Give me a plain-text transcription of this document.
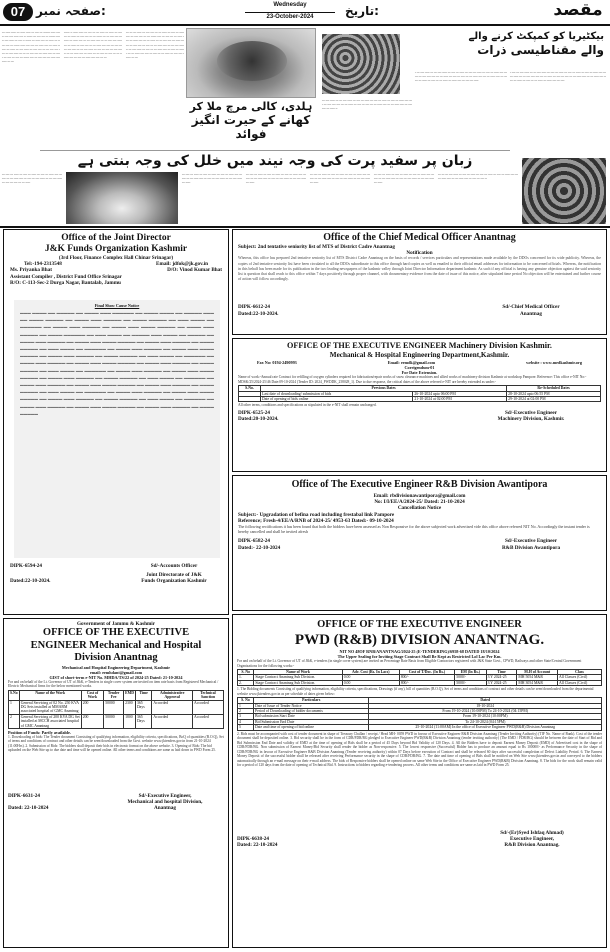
07 صفحہ نمبر:	Wednesday
23-October-2024	تاریخ:	مقصد
ــــ ـــــ ـــــــ ـــ ــــ ـــ ـــــ ـــــ ـــ ـــــ ـــــ ـــ ــــ ـــــــ ــ ــــ ــــ ـــ ــــــ ــ ــــ ـــــ ــــ ــــ ــــ ـــ ـــــ ـــ ــــ ـــــ ـــ ــــــ ــ ــــ ـــ ـــــ ــــ ــــ ـــــ ـــ ــــ ـــــ ـــ ــــ ــــ ـــــ ــــــ ـــ ــــ ــــ ــــ ــــ ـــ ـــ ــــ ــــ ـــ ـــــ ــــ ـــ ـــــ ـــ ــــ ــــ ـــ ــــ ـــــ ـــ ــــ ــــ ـــ ـــ ـــ ـــــ ــــ ـــ ـــــــ ـــــ ـــ ــــ ــــ ـــ ــــ ــــــ ـــ ــــ ـــ ــــ ـــ ــــ ـــ ـــــ
ــــ ـــ ـــــ ـــ ـــــ ـــ ـــ ــــ ـــ ـــــ ـــــ ــ ــــــ ـــ ــــ ــــ ـــ ـــ ــــــ ـــ ـــ ــــ ــــ ـــ ـــــ ـــ ـــ ـــــ ــــ ــــ ـــ ـــ ــــ ـــــ ـــ ـــ ــــ ـــــ ـــ ـــــ ـــ ــــ ـــ ــــ ــــ ـــــ ـــ ـــ ــــ ــــ ـــ ـــــ ـــ ـــ ــــ ــــ ـــ ــــ ـــ ــــ ـــ ـــــ ــــ ـــ ـــ ــــ ــــ ـــــ ـــ ـــ ــــ ـــ ــــ ـــ ـــ ـــــ ـــ ــــ ـــــ ـــ ـــ ـــــ ـــ ــــ ــــ ـــــ ـــ ــــ ـــ ــــ ـــــ
ـــــ ـــ ــــ ـــ ـــــ ـــ ـــ ــــ ــــ ـــ ـــــ ـــ ـــ ــــ ـــــ ـــ ـــ ــــ ـــ ــــ ــــــ ـــ ـــ ــــ ــــ ـــ ــــ ـــ ـــــ ـــ ــــ ــــ ـــ ـــ ـــــ ـــ ـــ ــــ ـــــ ـــ ـــ ـــــ ــــ ـــ ـــ ــــ ـــــ ـــ ـــ ــــ ـــ ــــ ــــ ـــ ـــ ـــــ ـــ ــــ ـــ ــــ ـــــ ـــ ـــ ــــ ـــ ـــــ ــــ ـــ ـــ ــــ ــــ ـــ ـــــ ـــ ـــ ــــ ـــ ــــ ــــ ـــــ ـــ ـــ ــــ ـــ ـــــ
ہلدی، کالی مرچ ملا کر
کھانے کے حیرت انگیز فوائد
بیکٹیریا کو کمپکٹ کرنے والے
والے مقناطیسی ذرات
ـــ ــــ ـــــ ـــ ــــ ـــ ـــــ ـــ ــــ ـــ ـــــ ـــ ــــ ـــ ـــــ ــــ ـــ ـــ ـــــ ــــ ـــ ــــ ـــ ــــ ـــــ ـــ ـــ ــــ ـــــ ـــ ـــ ــــ ـــ ــــ ـــ ـــــ ـــ ـــ ــــ ــــ ــــ ـــ ـــ ـــــ ـــ ــــ
ـــ ــــ ـــــ ـــ ــــ ـــ ـــــ ـــ ــــ ـــ ـــــ ـــ ــــ ـــ ـــــ ــــ ـــ ـــ ـــــ ــــ ـــ ــــ ـــ ــــ ـــــ ـــ ـــ ــــ ـــــ ـــ ـــ ــــ ـــ ــــ ـــ ـــــ ـــ ـــ ــــ ــــ ــــ ـــ ـــ ـــــ ـــ ــــ ـــ ــــ ـــــ ـــ ـــــ ـــ ـــ ــــ ـــ ـــــ ـــ ـــ
ـــ ــــ ـــــ ـــ ــــ ـــ ـــــ ـــ ــــ ـــ ـــــ ـــ ــــ ـــ ـــــ ــــ ـــ ـــ ـــــ ــــ ـــ ــــ ـــ ــــ ـــــ ـــ ـــ ــــ ـــــ ـــ ـــ ــــ ـــ ــــ ـــ ـــــ ـــ ـــ ــــ ــــ ــــ ـــ ـــ ـــــ ـــ ــــ ـــ ــــ ـــــ ـــ ـــــ ـــ ـــ ــــ ـــ ـــــ ـــ ـــ
زبان پر سفید پرت کی وجہ نیند میں خلل کی وجہ بنتی ہے
ـــ ــــ ـــــ ـــ ــــ ـــ ـــــ ـــ ــــ ـــ ـــــ ـــ ــــ ـــ ـــــ ــــ ـــ ـــ ـــــ ــــ ـــ ــــ ـــ ــــ ـــــ ـــ ـــ ــــ ـــــ ـــ ـــ ــــ ـــ ــــ ـــ
ـــ ــــ ـــــ ـــ ــــ ـــ ـــــ ـــ ــــ ـــ ـــــ ـــ ــــ ـــ ـــــ ــــ ـــ ـــ ـــــ ــــ ـــ ــــ ـــ ــــ ـــــ ـــ ـــ ــــ ـــــ ـــ
ـــ ــــ ـــــ ـــ ــــ ـــ ـــــ ـــ ــــ ـــ ـــــ ـــ ــــ ـــ ـــــ ــــ ـــ ـــ ـــــ ــــ ـــ ــــ ـــ ــــ ـــــ ـــ ـــ ــــ ـــــ ـــ
ـــ ــــ ـــــ ـــ ــــ ـــ ـــــ ـــ ــــ ـــ ـــــ ـــ ــــ ـــ ـــــ ــــ ـــ ـــ ـــــ ــــ ـــ ــــ ـــ ــــ ـــــ ـــ ـــ ــــ ـــــ ـــ
ـــ ــــ ـــــ ـــ ــــ ـــ ـــــ ـــ ــــ ـــ ـــــ ـــ ــــ ـــ ـــــ ــــ ـــ ـــ ـــــ ــــ ـــ ــــ ـــ ــــ ـــــ ـــ ـــ ــــ ـــــ ـــ
ـــ ــــ ـــــ ـــ ــــ ـــ ـــــ ـــ ــــ ـــ ـــــ ـــ ــــ ـــ ـــــ ــــ ـــ ـــ ـــــ ــــ ـــ ــــ ـــ ــــ ـــــ ـــ ـــ ــــ ـــــ ـــ
Office of the Joint Director
J&K Funds Organization Kashmir
(3rd Floor, Finance Complex Hall Chinar Srinagar)
Tel:-194-2313548	Email: jdfok@jk.gov.in
Ms. Priyanka Bhat	D/O: Vinod Kumar Bhat
Assistant Compiler , District Fund Office Srinagar
R/O: C-113-Sec-2 Durga Nagar, Bantalab, Jammu
Final Show Cause Notice
▬▬▬ ▬▬▬▬ ▬▬ ▬▬▬▬▬ ▬▬ ▬▬▬▬ ▬▬▬ ▬▬▬▬▬▬ ▬▬ ▬▬▬▬ ▬▬▬▬ ▬▬ ▬▬▬▬▬ ▬▬▬ ▬▬ ▬▬▬▬ ▬▬▬▬▬ ▬▬ ▬▬▬▬ ▬▬▬ ▬▬▬▬▬ ▬▬ ▬▬▬▬ ▬▬▬▬▬ ▬▬ ▬▬▬ ▬▬▬▬ ▬▬ ▬▬▬▬▬▬ ▬▬ ▬▬▬▬ ▬▬▬ ▬▬▬▬▬ ▬▬ ▬▬▬▬ ▬▬▬ ▬▬▬▬ ▬▬▬▬▬ ▬▬ ▬▬▬▬ ▬▬▬ ▬▬▬▬▬ ▬▬ ▬▬▬▬ ▬▬▬▬▬▬ ▬▬ ▬▬▬ ▬▬▬▬ ▬▬ ▬▬▬▬▬ ▬▬▬ ▬▬▬▬ ▬▬ ▬▬▬▬▬ ▬▬ ▬▬▬▬ ▬▬▬ ▬▬▬▬▬ ▬▬ ▬▬▬▬ ▬▬▬ ▬▬▬▬ ▬▬▬▬▬ ▬▬ ▬▬▬▬ ▬▬▬ ▬▬▬▬▬ ▬▬ ▬▬▬▬ ▬▬▬▬▬ ▬▬ ▬▬▬ ▬▬▬▬ ▬▬ ▬▬▬▬▬▬ ▬▬ ▬▬▬▬ ▬▬▬ ▬▬▬▬▬ ▬▬ ▬▬▬▬ ▬▬▬ ▬▬▬▬ ▬▬▬▬▬ ▬▬ ▬▬▬▬ ▬▬▬ ▬▬▬▬▬ ▬▬ ▬▬▬▬ ▬▬▬▬▬ ▬▬ ▬▬▬ ▬▬▬▬ ▬▬ ▬▬▬▬▬▬ ▬▬ ▬▬▬▬ ▬▬▬ ▬▬▬▬▬ ▬▬ ▬▬▬▬ ▬▬▬ ▬▬▬▬ ▬▬▬▬▬ ▬▬ ▬▬▬▬ ▬▬▬ ▬▬▬▬▬ ▬▬ ▬▬▬▬ ▬▬▬▬▬ ▬▬ ▬▬▬ ▬▬▬▬ ▬▬ ▬▬▬▬▬▬ ▬▬ ▬▬▬▬ ▬▬▬ ▬▬▬▬▬ ▬▬ ▬▬▬▬ ▬▬▬ ▬▬▬▬ ▬▬▬▬▬ ▬▬ ▬▬▬▬ ▬▬▬ ▬▬▬▬▬ ▬▬ ▬▬▬▬ ▬▬▬▬▬ ▬▬ ▬▬▬ ▬▬▬▬ ▬▬ ▬▬▬▬▬▬ ▬▬ ▬▬▬▬ ▬▬▬ ▬▬▬▬▬ ▬▬ ▬▬▬▬ ▬▬▬ ▬▬▬▬ ▬▬▬▬▬ ▬▬ ▬▬▬▬ ▬▬▬ ▬▬▬▬▬ ▬▬ ▬▬▬▬ ▬▬▬▬▬ ▬▬ ▬▬▬ ▬▬▬▬ ▬▬ ▬▬▬▬▬▬ ▬▬ ▬▬▬▬ ▬▬▬ ▬▬▬▬▬ ▬▬ ▬▬▬▬ ▬▬▬ ▬▬▬▬ ▬▬▬▬▬ ▬▬ ▬▬▬▬ ▬▬▬ ▬▬▬▬▬ ▬▬ ▬▬▬▬ ▬▬▬▬▬ ▬▬ ▬▬▬ ▬▬▬▬ ▬▬ ▬▬▬▬▬▬ ▬▬ ▬▬▬▬ ▬▬▬ ▬▬▬▬▬ ▬▬ ▬▬▬▬ ▬▬▬ ▬▬▬▬ ▬▬▬▬▬ ▬▬ ▬▬▬▬ ▬▬▬ ▬▬▬▬▬ ▬▬ ▬▬▬▬ ▬▬▬▬▬
DIPK-6594-24	Sd/-Accounts Officer
Joint Directorate of J&K
Dated:22-10-2024.	Funds Organization Kashmir
Office of the Chief Medical Officer Anantnag
Subject: 2nd tentative seniority list of MTS of District Cadre Anantnag
Notification
Whereas, this office has prepared 2nd tentative seniority list of MTS District Cadre Anantnag on the basis of records / services particulars and representations made available by the DDOs concerned for its wide publicity. Whereas, the copies of 2nd tentative seniority list have been circulated to all the DDOs subordinate to this office through hard copies as well as emailed to their official email addresses for information to be concerned officials. Whereas, the notification in this behalf has been made for its publication in the two leading newspapers of the kashmir valley through Joint Director Information department kashmir. As such if any official is having any genuine objection against the said seniority list is question that shall reach to this office within 7 days positively through proper channel, with documentary evidence from the date of issue of this notice, after stipulated time period No objection will be entertained and further course of action will follow accordingly.
DIPK-6612-24	Sd/-Chief Medical Officer
Dated:22-10-2024.	Anantnag
OFFICE OF THE EXECUTIVE ENGINEER Machinery Division Kashmir.
Mechanical & Hospital Engineering Department,Kashmir.
Fax No: 0194-2490993	Email: eemdk@gmail.com	website : www.medkashmir.org
Corrigendum-01
For Date Extension.
Name of work:-Annual rate Contract for refilling of oxygen cylinders required for fabrication/repair works of snow clearance machines and allied works of machinery division Kashmir at workshop Pampore. Reference: This office e-NIT No:- MDSK/25/2024-25/46 Date:09-10-2024 (Tender ID: 2024_PWDDK_258028_1). Due to due response, the critical dates of the above referred e-NIT are hereby extended as under:-
S.No.	Previous Dates		Re-Scheduled Dates
	Last date of downloading/ submission of bids	26-10-2024 upto 06:00 PM	28-10-2024 upto 06:55 PM
	Date of opening of bids online	21-10-2024 at 02:00 PM	29-10-2024 at 02:00 PM
All other terms, conditions and specifications as stipulated in the e-NIT shall remain unchanged.
DIPK-6525-24	Sd/-Executive Engineer
Dated:20-10-2024.	Machinery Division, Kashmir.
Office of The Executive Engineer R&B Division Awantipora
Email: rbdivisionawantipora@gmail.com
No: I/I/EE/A/2024-25/ Dated: 21-10-2024
Cancellation Notice
Subject:- Upgradation of befina road including frestabal link Pampore
Reference; Fresh-4/EE/A/RNB of 2024-25/ 4953-63 Dated:- 09-10-2024
The following rectifications it has been found that both the bidders have been assessed as Non Responsive for the above subjected work advertised vide this office above referred NIT No. Accordingly the instant tender is hereby cancelled and shall be invited afresh
DIPK-6582-24	Sd/-Executive Engineer
Dated:- 22-10-2024	R&B Division Awantipora
Government of Jammu & Kashmir
OFFICE OF THE EXECUTIVE
ENGINEER Mechanical and Hospital
Division Anantnag
Mechanical and Hospital Engineering Department, Kashmir
email: eemhdant@gmail.com
GIST of short-term e-NIT No. MHDA/TS/22 of 2024-25 Dated: 21-10-2024
For and on behalf of the Lt. Governor of UT of J&K, e-Tenders in single cover system are invited on item rate basis from Registered Mechanical / Electric Mechanical firms for the below mentioned works.
S.No	Name of the Work	Cost of Work	Tender Fee	EMD	Time	Administrative Approval	Technical Sanction
1	General Servicing of 02 No. 250 KVA DG Sets installed at MMABM associated hospital of GMC Anantnag	200	50000	2300	365 Days	Accorded	Accorded
2	General Servicing of 200 KVA DG Set installed at MCCH associated hospital of GMC Anantnag	200	50000	1800	365 Days	Accorded	Accorded
Position of Funds: Partly available.
1. Downloading of bids: The Tender document Consisting of qualifying information, eligibility criteria, specifications, BoQ of quantities (B.O.Q), Set of terms and conditions of contract and other details can be seen/downloaded from the Govt. website www.jktenders.gov.in from 21-10-2024 (11:00Hrs). 2. Submission of Bids: The bidders shall deposit their bids in electronic format on the above website. 3. Opening of Bids: The bid uploaded on the Web Site up to due date and time will be opened online. All other terms and conditions are same as laid down in PWD Form 25.
DIPK-6631-24	Sd/-Executive Engineer,
Mechanical and hospital Division,
Dated: 22-10-2024	Anantnag
OFFICE OF THE EXECUTIVE ENGINEER
PWD (R&B) DIVISION ANANTNAG.
NIT NO 48OF RNB/ANANTNAG/2024-25 (E-TENDERING)/6958-68 DATED 18/10/2024
The Upper Sealing for Inviting Stage Contract Shall Be Kept as Restricted Lol Lac Per Km.
For and on behalf of the Lt. Governor of UT of J&K, e-tenders (in single cover system) are invited on Percentage Rate Basis from Eligible Contractors registered with J&K State Govt., CPWD, Railways and other State/Central Government Organizations for the following works:-
S. No	Name of Work	Adv. Cost (Rs. In Lacs)	Cost of T/Doc. (In Rs.)	EM (In Rs.)	Time	M.H of Account	Class
1.	Stage Contract Anantnag Sub Division.	0.00	800/-	5000/-	3 Y 2024-25	MH 5054 M&R	All Classes (Civil)
2.	Stage Contract Anantnag Sub Division.	0.00	800/-	5000/-	3 Y 2024-25	MH 3054 M&R	All Classes (Civil)
1. The Bidding documents Consisting of qualifying information, eligibility criteria, specifications, Drawings (if any), bill of quantities (B.O.Q), Set of terms and conditions of contract and other details can be seen/downloaded from the departmental website www.jktenders.gov.in as per schedule of dates given below:
S. No	Particulars	Dated
1	Date of Issue of Tender Notice	18-10-2024
2	Period of Downloading of bidder documents	From 19-10-2024 (10:00PM) To 24-10-2024 (04:15PM)
3	Bid submission Start Date	From 19-10-2024 (10:00PM)
4	Bid Submission End Date	To 24-10-2024 (04:15PM)
5	Date and time of opening of bid online	25-10-2024 (11:00AM) In the office of Executive Engineer PWD(R&B) Division Anantnag
2. Bids must be accompanied with cost of tender document in shape of Treasury Challan / receipt / Head MH- 0059 PWD in favour of Executive Engineer R&B Division Anantnag (Tender Inviting Authority) (TIF No. Name of Bank). Cost of the tender document shall be deposited online. 3. Bid security shall be in the form of CDR/FDR/BG pledged to Executive Engineer PWD(R&B) Division Anantnag (tender inviting authority) (The EMD / FDR/BG) should be between the date of Start of Bid and Bid Submission End Date and validity of EMD at the time of opening of Bids shall be a period of 45 Days beyond Bid Validity of 120 Days. 4. All the Bidders have to deposit Earnest Money Deposit (EMD) of Advertised cost in the shape of CDR/FDR/BG. Non submission of Earnest Money/Bid Security shall render the bidder as Non-responsive. 5. The lowest responsive (Successful) Bidder has to produce an amount equal to Rs 100000/- as Performance Security in the shape of CDR/FDR/BG in favour of Executive Engineer R&B Division Anantnag (Tender receiving authority) within 07 Days before execution of Contract and shall be released 60 days after successful completion of Defect Liability Period. 6. The Earnest Money Deposit of the successful bidder shall be released after receiving Performance security in the shape of CDR/FDR/BG. 7. The date and time of opening of Bids shall be notified on Web Site www.jktenders.gov.in and conveyed to the bidders automatically through an e-mail message on their e-mail address. The bids of Responsive bidders shall be opened online on same Web Site in the Office of Executive Engineer PWD(R&B) Division Anantnag. 8. The bids for the work shall remain valid for a period of 120 days from the date of opening of Technical Bid. 9. Instructions to bidders regarding e-tendering process. All other terms and conditions are same as laid in PWD Form 25.
Sd/-(Er)Syed Ishfaq Ahmad)
DIPK-6638-24	Executive Engineer,
Dated: 22-10-2024	R&B Division Anantnag.
